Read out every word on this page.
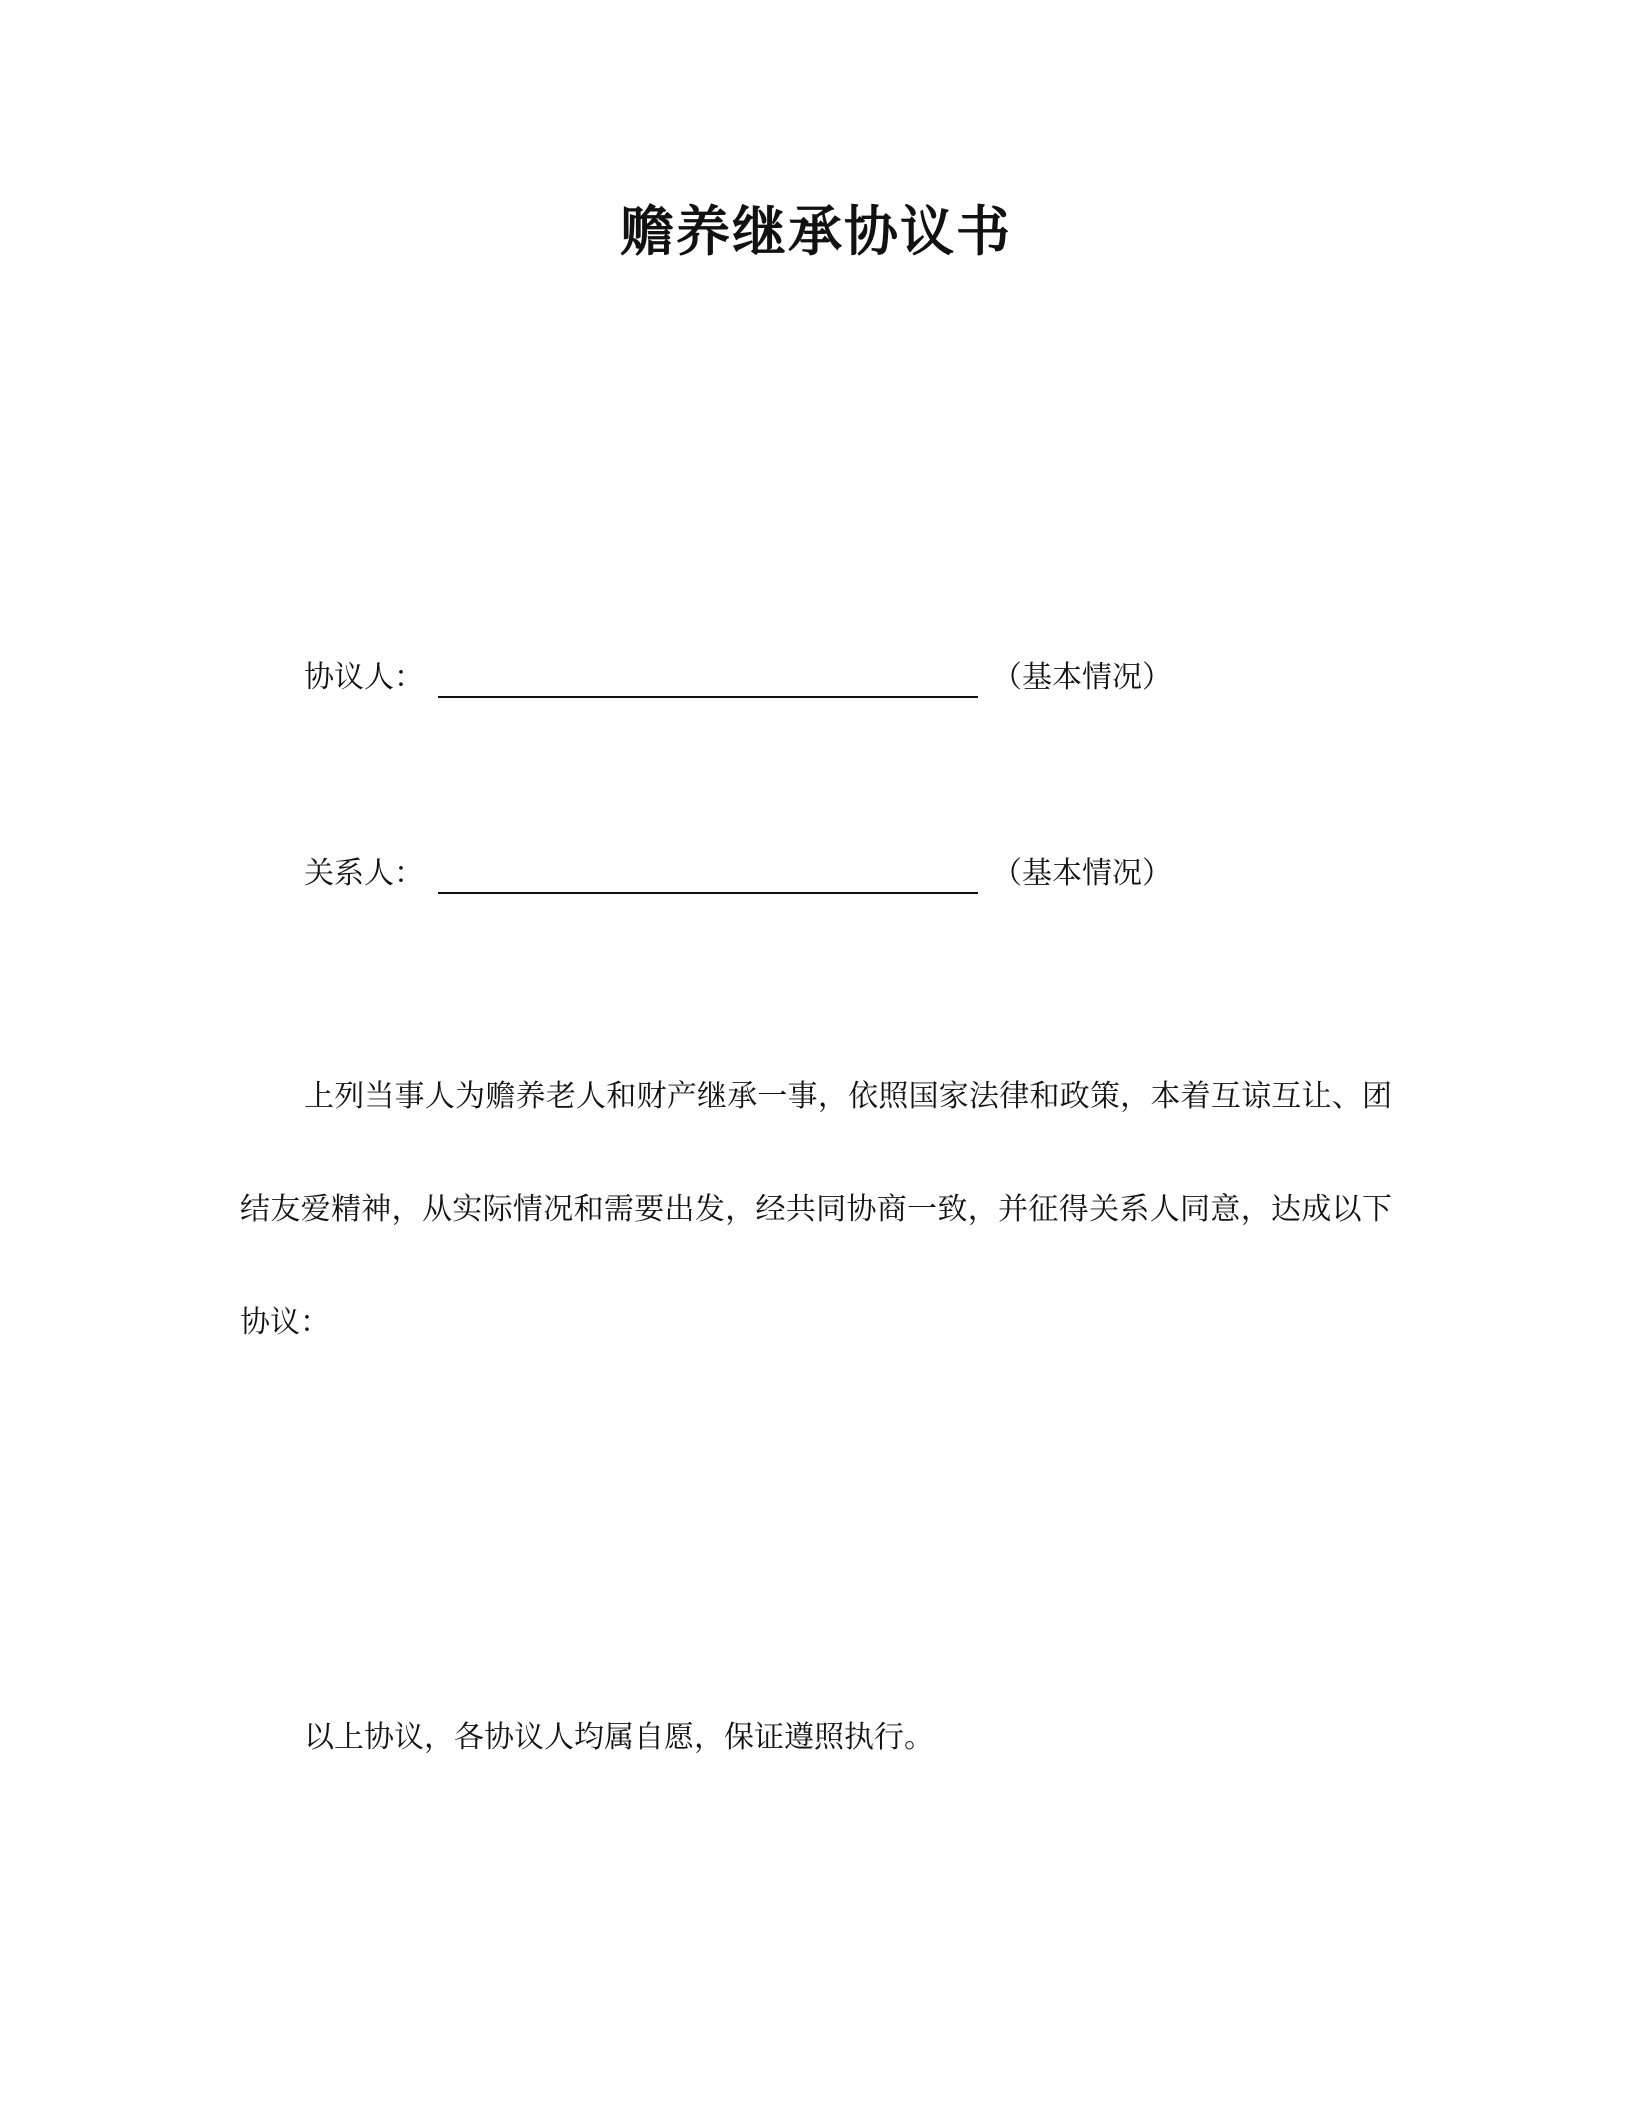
赡养继承协议书
协议人：	（基本情况）
关系人：	（基本情况）

上列当事人为赡养老人和财产继承一事，依照国家法律和政策，本着互谅互让、团结友爱精神，从实际情况和需要出发，经共同协商一致，并征得关系人同意，达成以下协议：

以上协议，各协议人均属自愿，保证遵照执行。
